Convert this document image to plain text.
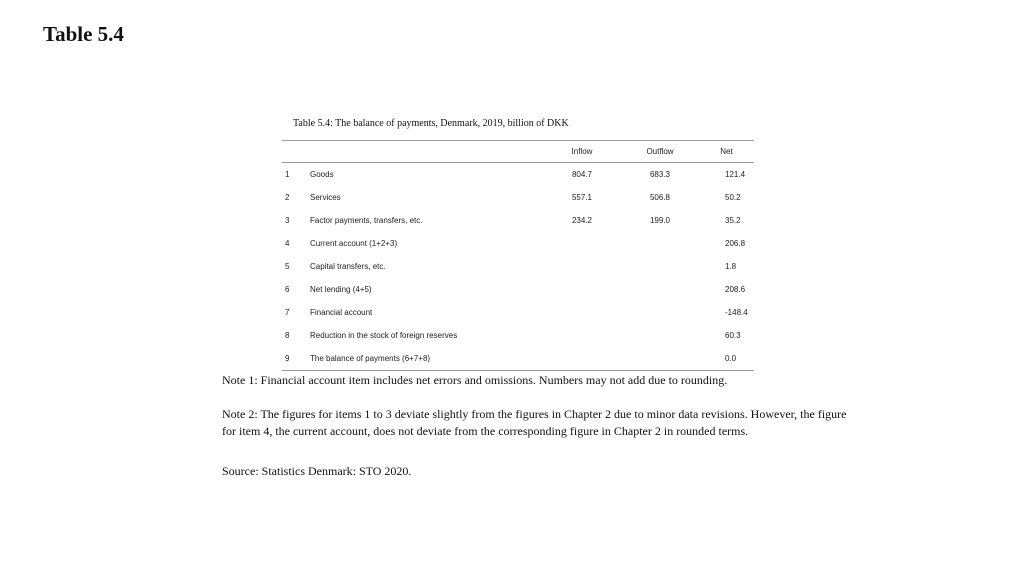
Table 5.4
Table 5.4: The balance of payments, Denmark, 2019, billion of DKK
		Inflow	Outflow	Net
1	Goods	804.7	683.3	121.4
2	Services	557.1	506.8	50.2
3	Factor payments, transfers, etc.	234.2	199.0	35.2
4	Current account (1+2+3)			206.8
5	Capital transfers, etc.			1.8
6	Net lending (4+5)			208.6
7	Financial account			-148.4
8	Reduction in the stock of foreign reserves			60.3
9	The balance of payments (6+7+8)			0.0
Note 1: Financial account item includes net errors and omissions. Numbers may not add due to rounding.
Note 2: The figures for items 1 to 3 deviate slightly from the figures in Chapter 2 due to minor data revisions. However, the figure for item 4, the current account, does not deviate from the corresponding figure in Chapter 2 in rounded terms.
Source: Statistics Denmark: STO 2020.
